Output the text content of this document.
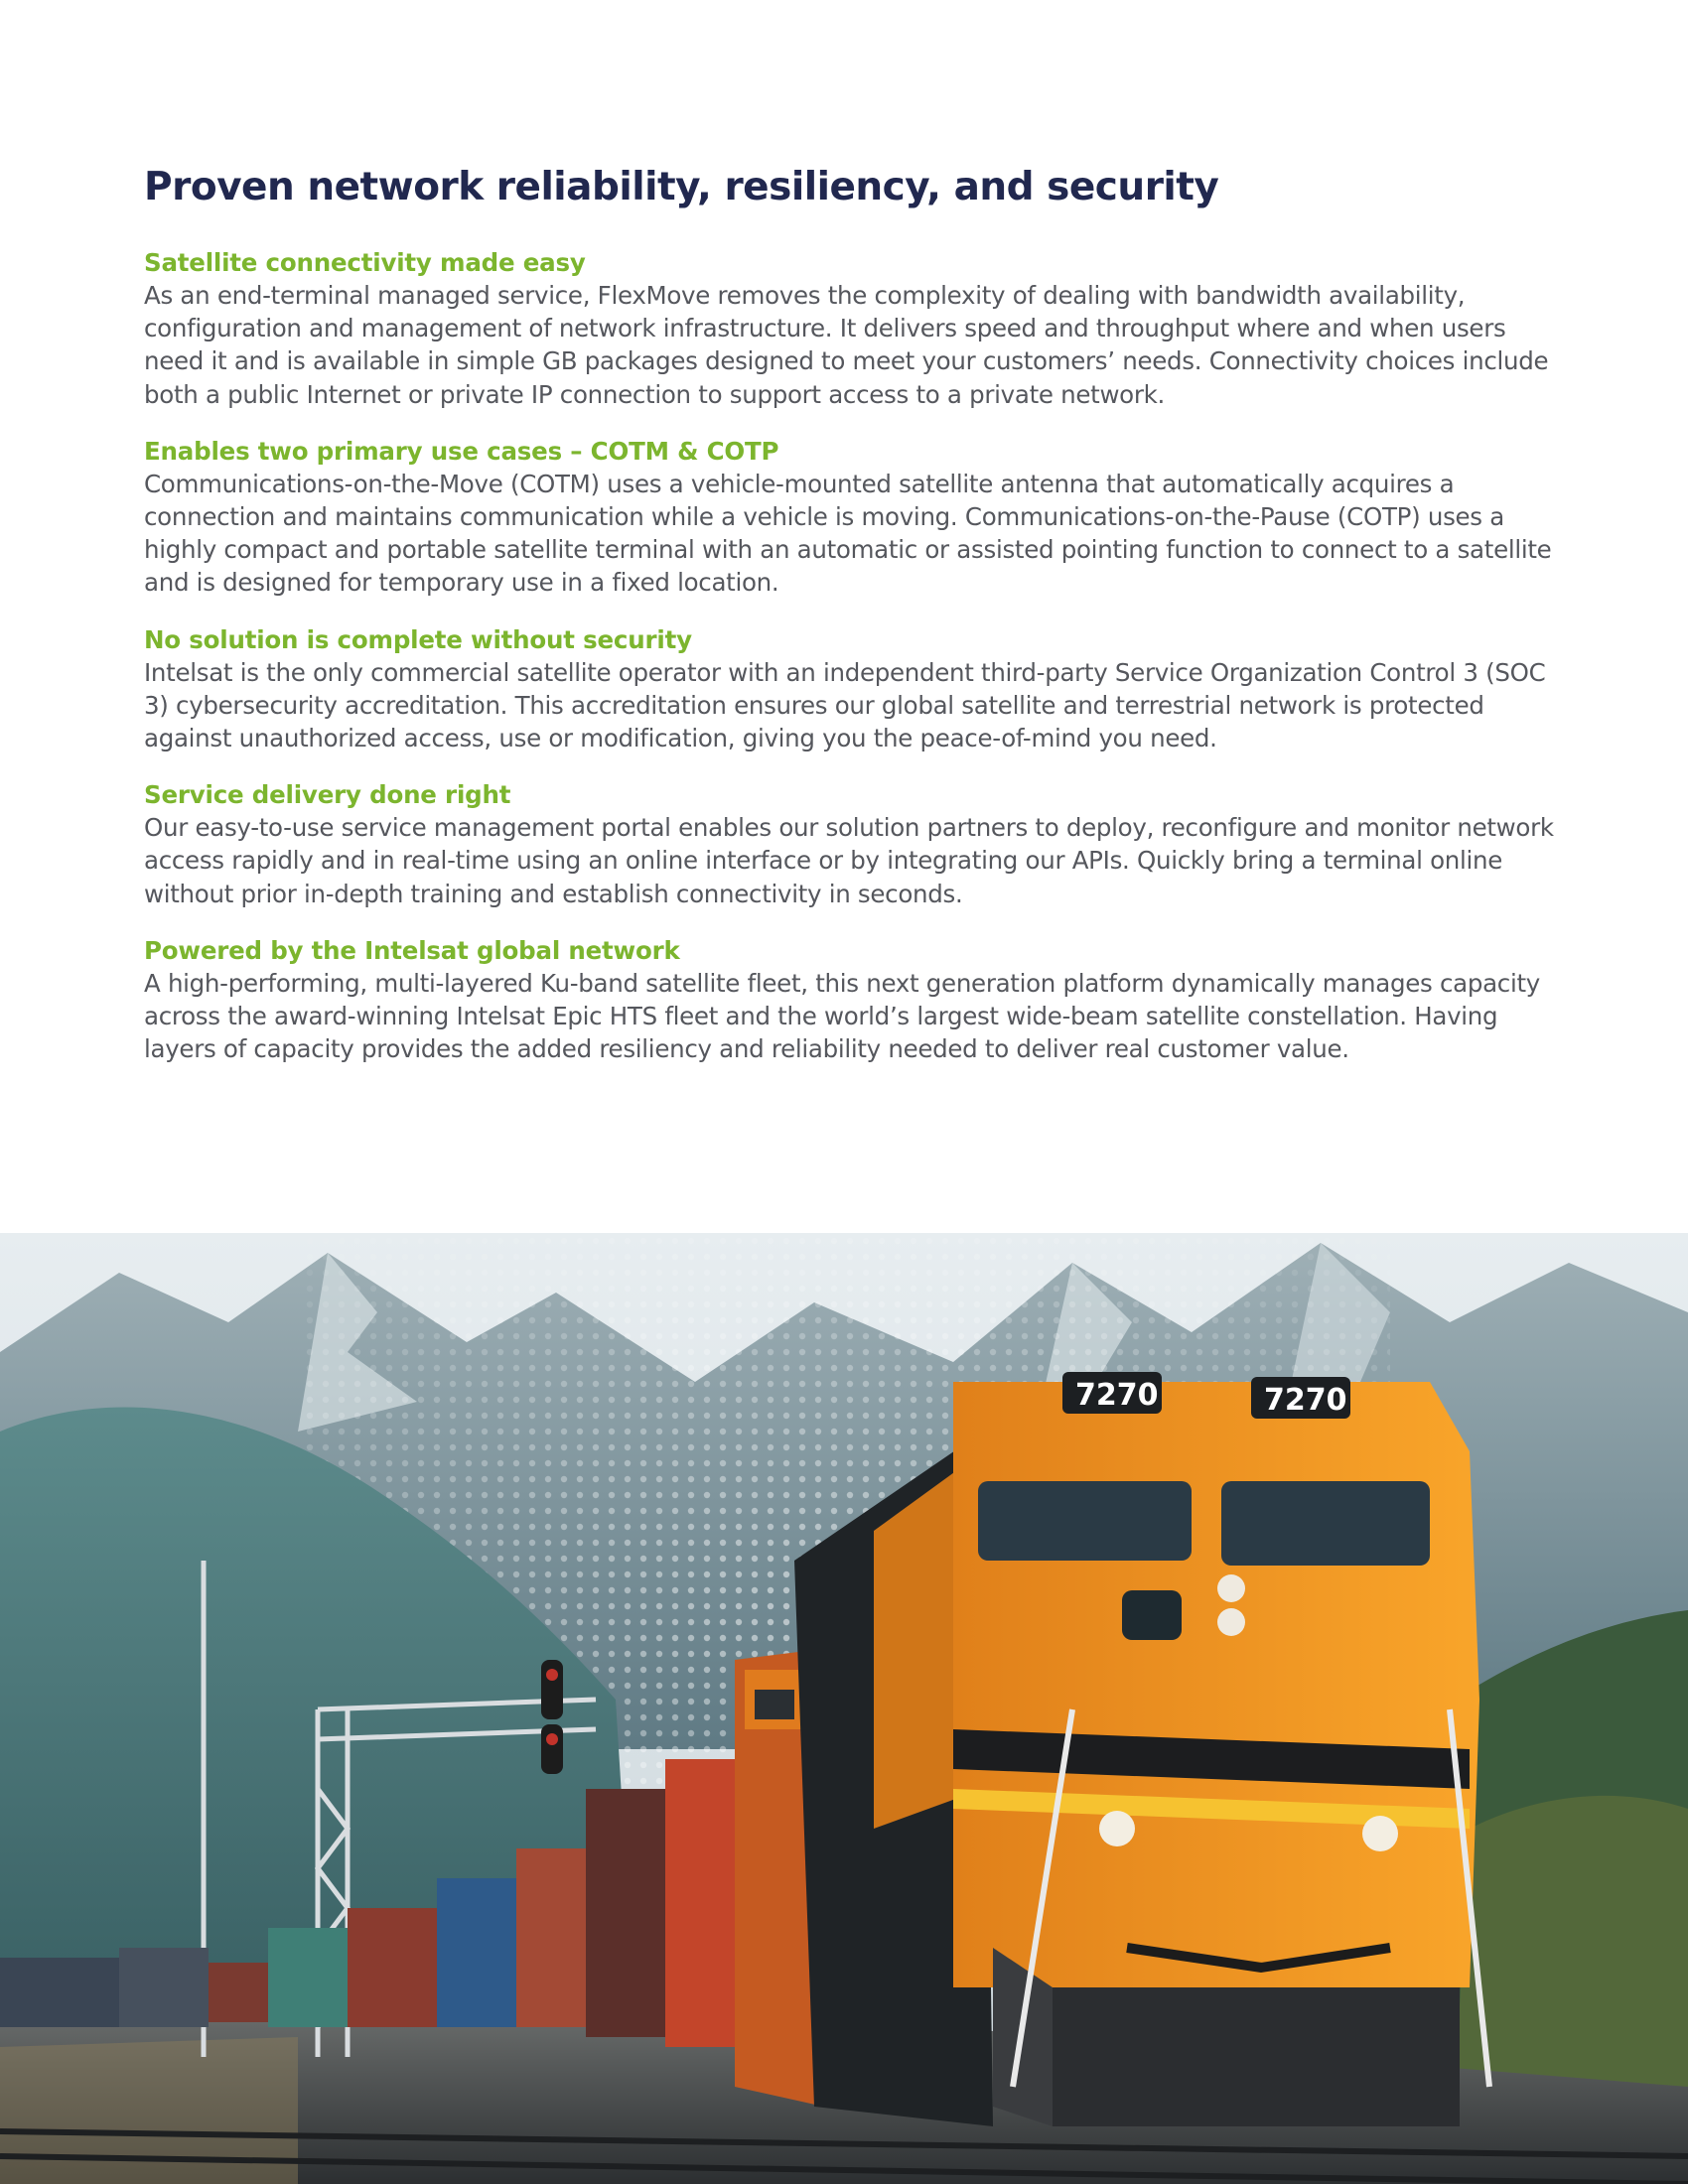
Proven network reliability, resiliency, and security
Satellite connectivity made easy

As an end-terminal managed service, FlexMove removes the complexity of dealing with bandwidth availability, configuration and management of network infrastructure. It delivers speed and throughput where and when users need it and is available in simple GB packages designed to meet your customers’ needs. Connectivity choices include both a public Internet or private IP connection to support access to a private network.

Enables two primary use cases – COTM & COTP

Communications-on-the-Move (COTM) uses a vehicle-mounted satellite antenna that automatically acquires a connection and maintains communication while a vehicle is moving. Communications-on-the-Pause (COTP) uses a highly compact and portable satellite terminal with an automatic or assisted pointing function to connect to a satellite and is designed for temporary use in a fixed location.

No solution is complete without security

Intelsat is the only commercial satellite operator with an independent third-party Service Organization Control 3 (SOC 3) cybersecurity accreditation. This accreditation ensures our global satellite and terrestrial network is protected against unauthorized access, use or modification, giving you the peace-of-mind you need.

Service delivery done right

Our easy-to-use service management portal enables our solution partners to deploy, reconfigure and monitor network access rapidly and in real-time using an online interface or by integrating our APIs. Quickly bring a terminal online without prior in-depth training and establish connectivity in seconds.

Powered by the Intelsat global network

A high-performing, multi-layered Ku-band satellite fleet, this next generation platform dynamically manages capacity across the award-winning Intelsat Epic HTS fleet and the world’s largest wide-beam satellite constellation. Having layers of capacity provides the added resiliency and reliability needed to deliver real customer value.

7270	7270
